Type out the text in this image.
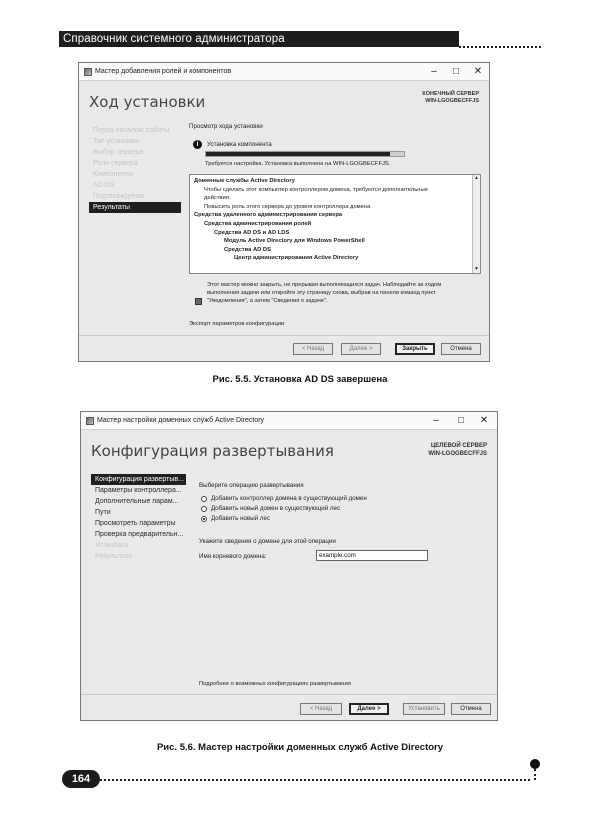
Справочник системного администратора
Мастер добавления ролей и компонентов	–	□	✕
Ход установки	КОНЕЧНЫЙ СЕРВЕР
WIN-LGOGBECFFJS
Перед началом работы
Тип установки
Выбор сервера
Роли сервера
Компоненты
AD DS
Подтверждение
Результаты
Просмотр хода установки
i	Установка компонента
Требуется настройка. Установка выполнена на WIN-LGOGBECFFJS.
Доменные службы Active Directory
Чтобы сделать этот компьютер контроллером домена, требуются дополнительные
действия.
Повысить роль этого сервера до уровня контроллера домена
Средства удаленного администрирования сервера
Средства администрирования ролей
Средства AD DS и AD LDS
Модуль Active Directory для Windows PowerShell
Средства AD DS
Центр администрирования Active Directory
▲
▼
Этот мастер можно закрыть, не прерывая выполняющихся задач. Наблюдайте за ходом
выполнения задачи или откройте эту страницу снова, выбрав на панели команд пункт
"Уведомления", а затем "Сведения о задаче".
Экспорт параметров конфигурации
< Назад	Далее >	Закрыть	Отмена
Рис. 5.5. Установка AD DS завершена
Мастер настройки доменных служб Active Directory	–	□	✕
Конфигурация развертывания	ЦЕЛЕВОЙ СЕРВЕР
WIN-LGOGBECFFJS
Конфигурация развертыв...
Параметры контроллера...
Дополнительные парам...
Пути
Просмотреть параметры
Проверка предварительн...
Установка
Результаты
Выберите операцию развертывания
Добавить контроллер домена в существующий домен
Добавить новый домен в существующий лес
Добавить новый лес
Укажите сведения о домене для этой операции
Имя корневого домена:	example.com
Подробнее о возможных конфигурациях развертывания
< Назад	Далее >	Установить	Отмена
Рис. 5.6. Мастер настройки доменных служб Active Directory
164
